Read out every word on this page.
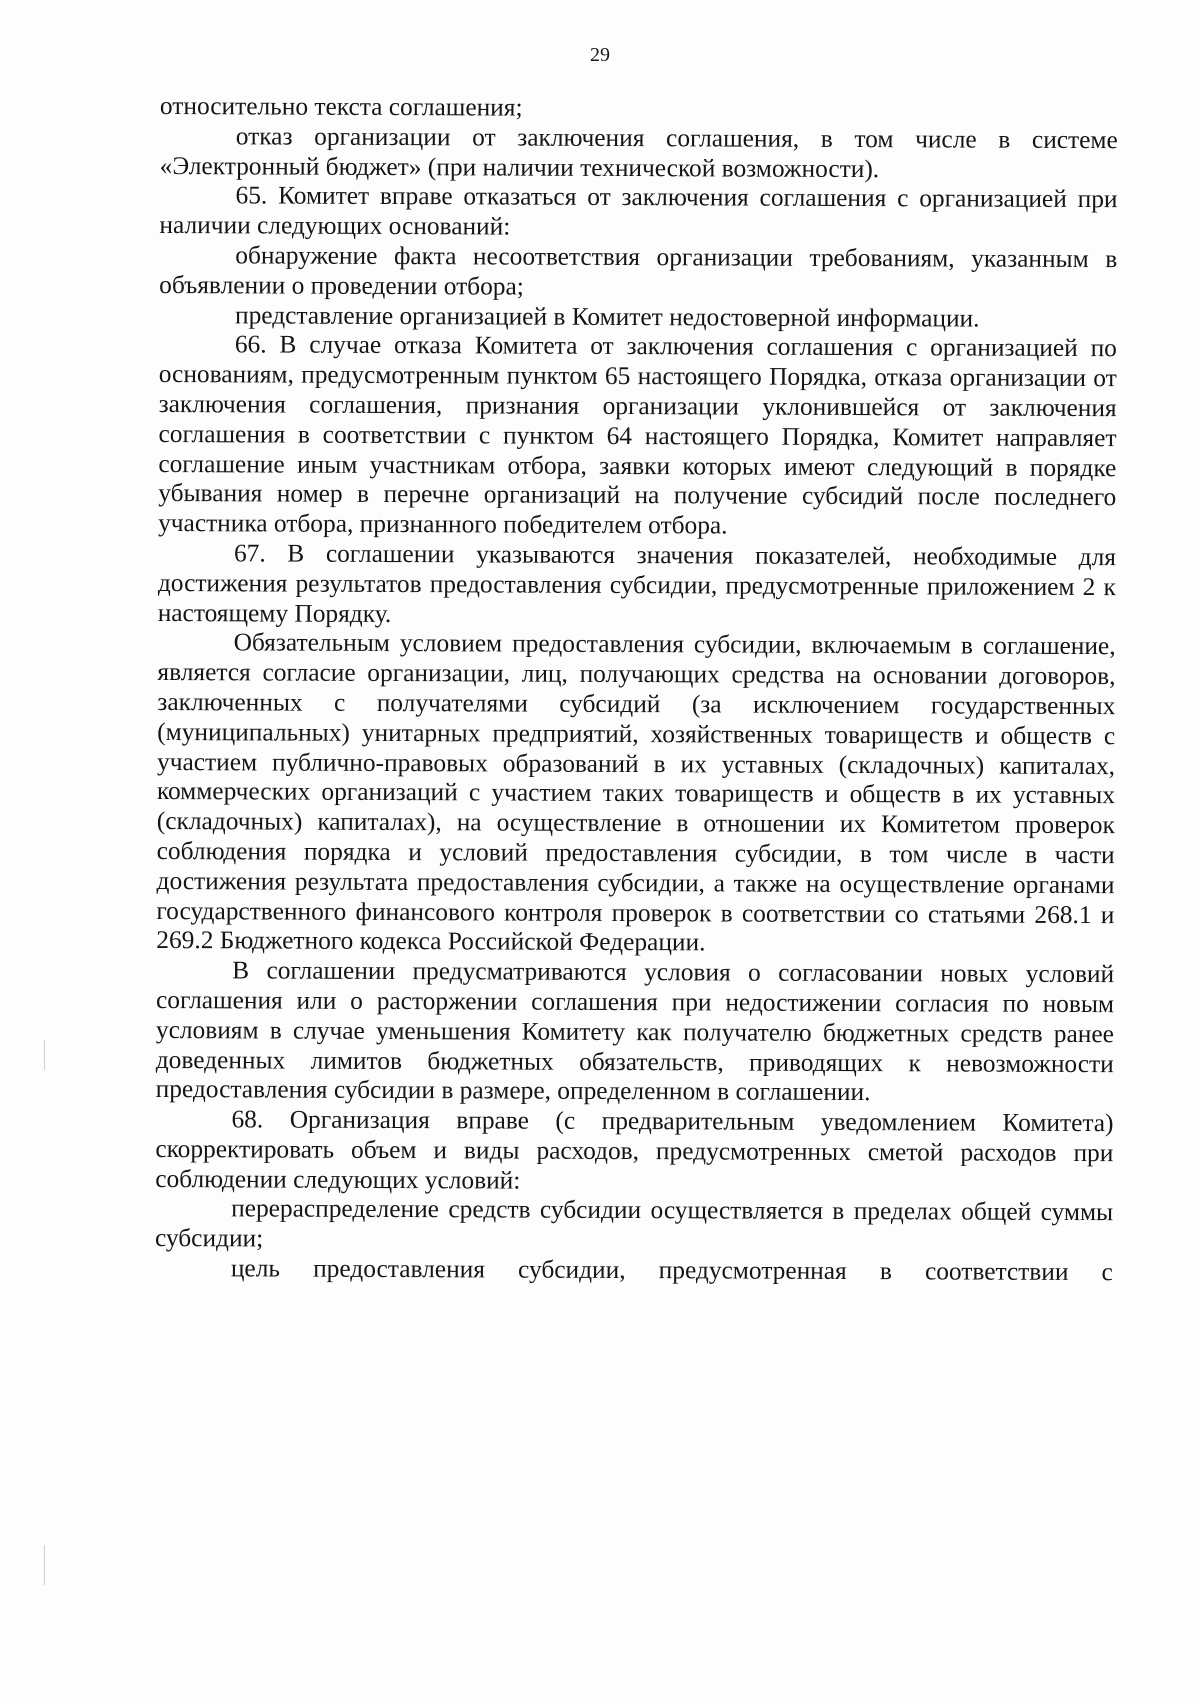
29

относительно текста соглашения;

отказ организации от заключения соглашения, в том числе в системе «Электронный бюджет» (при наличии технической возможности).

65. Комитет вправе отказаться от заключения соглашения с организацией при наличии следующих оснований:

обнаружение факта несоответствия организации требованиям, указанным в объявлении о проведении отбора;

представление организацией в Комитет недостоверной информации.

66. В случае отказа Комитета от заключения соглашения с организацией по основаниям, предусмотренным пунктом 65 настоящего Порядка, отказа организации от заключения соглашения, признания организации уклонившейся от заключения соглашения в соответствии с пунктом 64 настоящего Порядка, Комитет направляет соглашение иным участникам отбора, заявки которых имеют следующий в порядке убывания номер в перечне организаций на получение субсидий после последнего участника отбора, признанного победителем отбора.

67. В соглашении указываются значения показателей, необходимые для достижения результатов предоставления субсидии, предусмотренные приложением 2 к настоящему Порядку.

Обязательным условием предоставления субсидии, включаемым в соглашение, является согласие организации, лиц, получающих средства на основании договоров, заключенных с получателями субсидий (за исключением государственных (муниципальных) унитарных предприятий, хозяйственных товариществ и обществ с участием публично-правовых образований в их уставных (складочных) капиталах, коммерческих организаций с участием таких товариществ и обществ в их уставных (складочных) капиталах), на осуществление в отношении их Комитетом проверок соблюдения порядка и условий предоставления субсидии, в том числе в части достижения результата предоставления субсидии, а также на осуществление органами государственного финансового контроля проверок в соответствии со статьями 268.1 и 269.2 Бюджетного кодекса Российской Федерации.

В соглашении предусматриваются условия о согласовании новых условий соглашения или о расторжении соглашения при недостижении согласия по новым условиям в случае уменьшения Комитету как получателю бюджетных средств ранее доведенных лимитов бюджетных обязательств, приводящих к невозможности предоставления субсидии в размере, определенном в соглашении.

68. Организация вправе (с предварительным уведомлением Комитета) скорректировать объем и виды расходов, предусмотренных сметой расходов при соблюдении следующих условий:

перераспределение средств субсидии осуществляется в пределах общей суммы субсидии;

цель предоставления субсидии, предусмотренная в соответствии с
